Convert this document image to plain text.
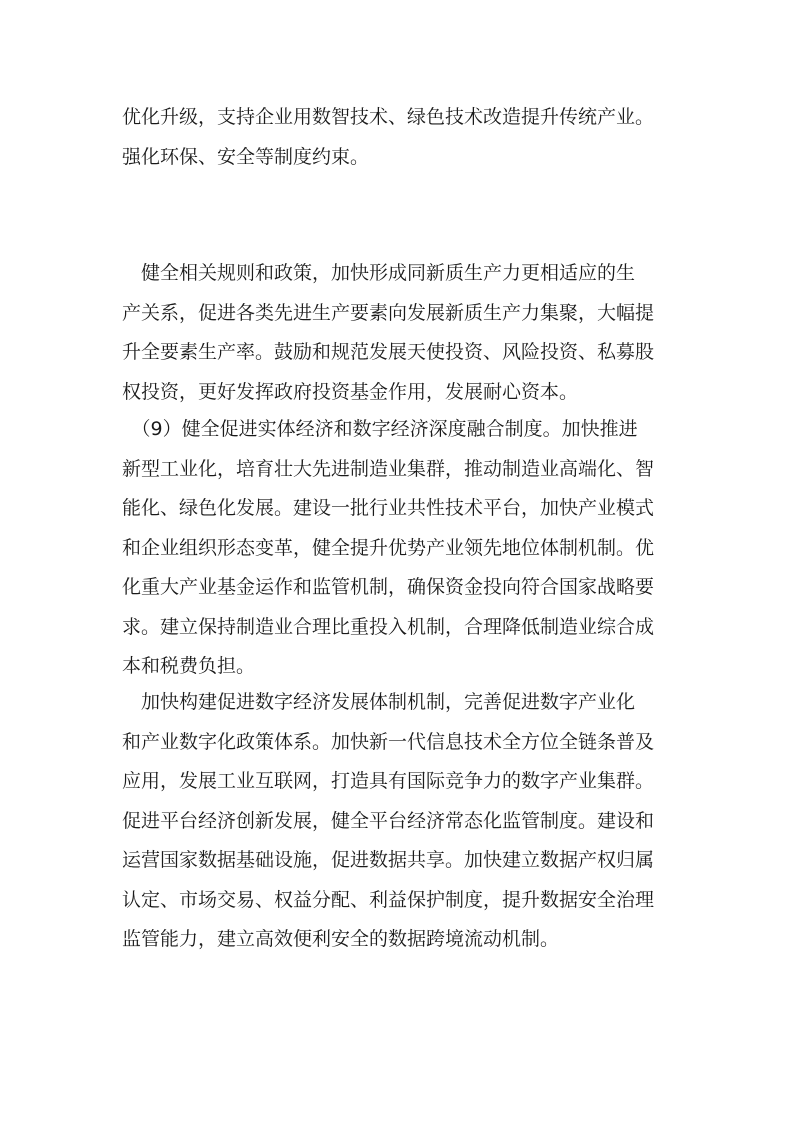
优化升级，支持企业用数智技术、绿色技术改造提升传统产业。
强化环保、安全等制度约束。

　健全相关规则和政策，加快形成同新质生产力更相适应的生
产关系，促进各类先进生产要素向发展新质生产力集聚，大幅提
升全要素生产率。鼓励和规范发展天使投资、风险投资、私募股
权投资，更好发挥政府投资基金作用，发展耐心资本。

　（9）健全促进实体经济和数字经济深度融合制度。加快推进
新型工业化，培育壮大先进制造业集群，推动制造业高端化、智
能化、绿色化发展。建设一批行业共性技术平台，加快产业模式
和企业组织形态变革，健全提升优势产业领先地位体制机制。优
化重大产业基金运作和监管机制，确保资金投向符合国家战略要
求。建立保持制造业合理比重投入机制，合理降低制造业综合成
本和税费负担。

　加快构建促进数字经济发展体制机制，完善促进数字产业化
和产业数字化政策体系。加快新一代信息技术全方位全链条普及
应用，发展工业互联网，打造具有国际竞争力的数字产业集群。
促进平台经济创新发展，健全平台经济常态化监管制度。建设和
运营国家数据基础设施，促进数据共享。加快建立数据产权归属
认定、市场交易、权益分配、利益保护制度，提升数据安全治理
监管能力，建立高效便利安全的数据跨境流动机制。
